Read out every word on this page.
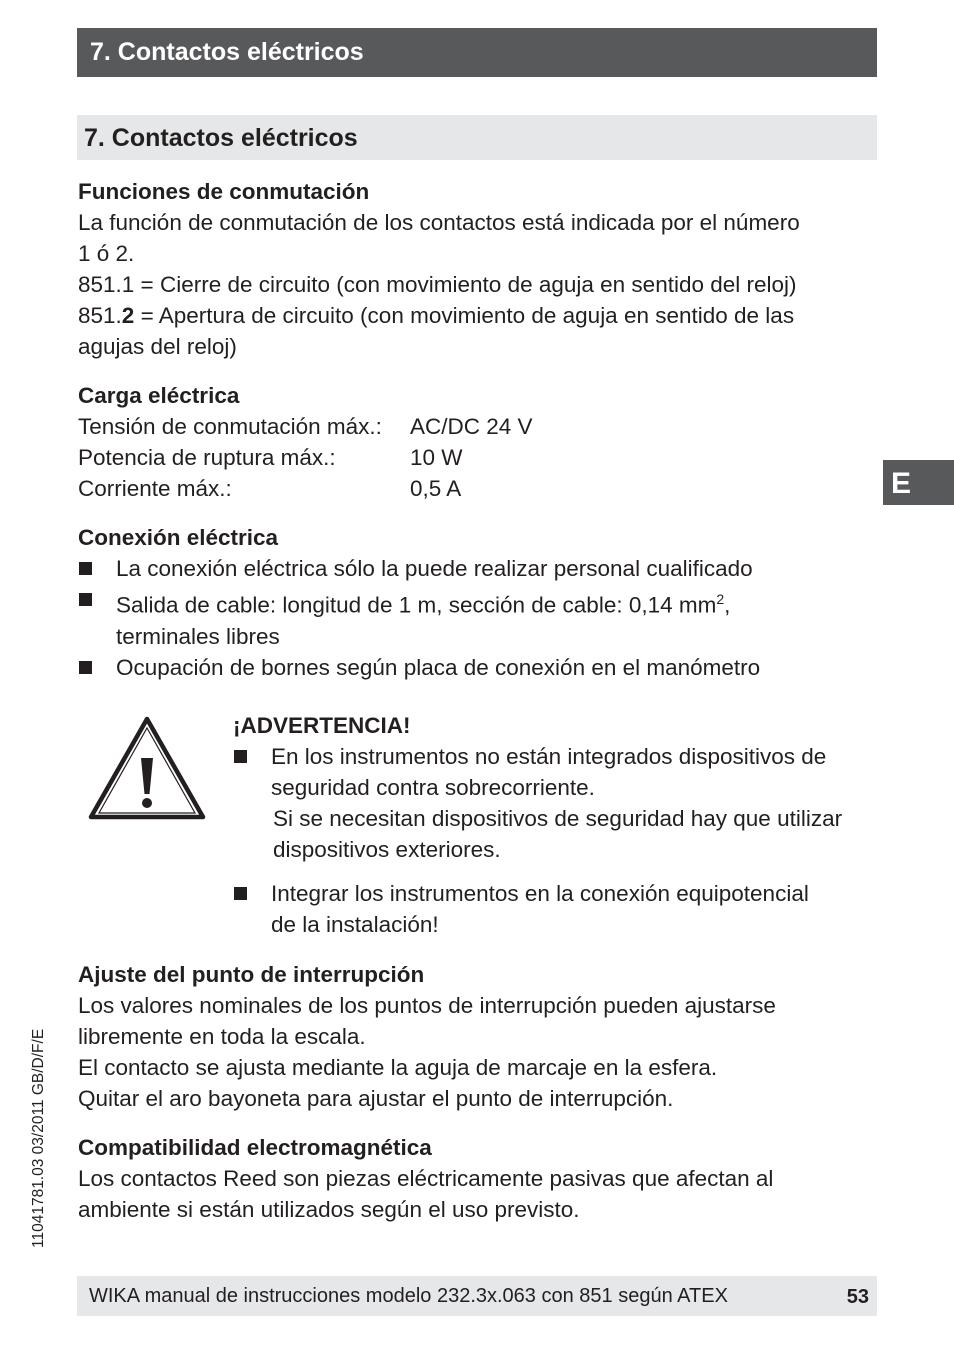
7. Contactos eléctricos
7. Contactos eléctricos
E

Funciones de conmutación

La función de conmutación de los contactos está indicada por el número

1 ó 2.

851.1 = Cierre de circuito (con movimiento de aguja en sentido del reloj)

851.2 = Apertura de circuito (con movimiento de aguja en sentido de las

agujas del reloj)

Carga eléctrica

Tensión de conmutación máx.:	AC/DC 24 V
Potencia de ruptura máx.:	10 W
Corriente máx.:	0,5 A

Conexión eléctrica

La conexión eléctrica sólo la puede realizar personal cualificado
Salida de cable: longitud de 1 m, sección de cable: 0,14 $mm^2$,
terminales libres
Ocupación de bornes según placa de conexión en el manómetro

¡ADVERTENCIA!

En los instrumentos no están integrados dispositivos de
seguridad contra sobrecorriente.

Si se necesitan dispositivos de seguridad hay que utilizar

dispositivos exteriores.

Integrar los instrumentos en la conexión equipotencial
de la instalación!

Ajuste del punto de interrupción

Los valores nominales de los puntos de interrupción pueden ajustarse

libremente en toda la escala.

El contacto se ajusta mediante la aguja de marcaje en la esfera.

Quitar el aro bayoneta para ajustar el punto de interrupción.

Compatibilidad electromagnética

Los contactos Reed son piezas eléctricamente pasivas que afectan al

ambiente si están utilizados según el uso previsto.

11041781.03 03/2011 GB/D/F/E
WIKA manual de instrucciones modelo 232.3x.063 con 851 según ATEX	53
